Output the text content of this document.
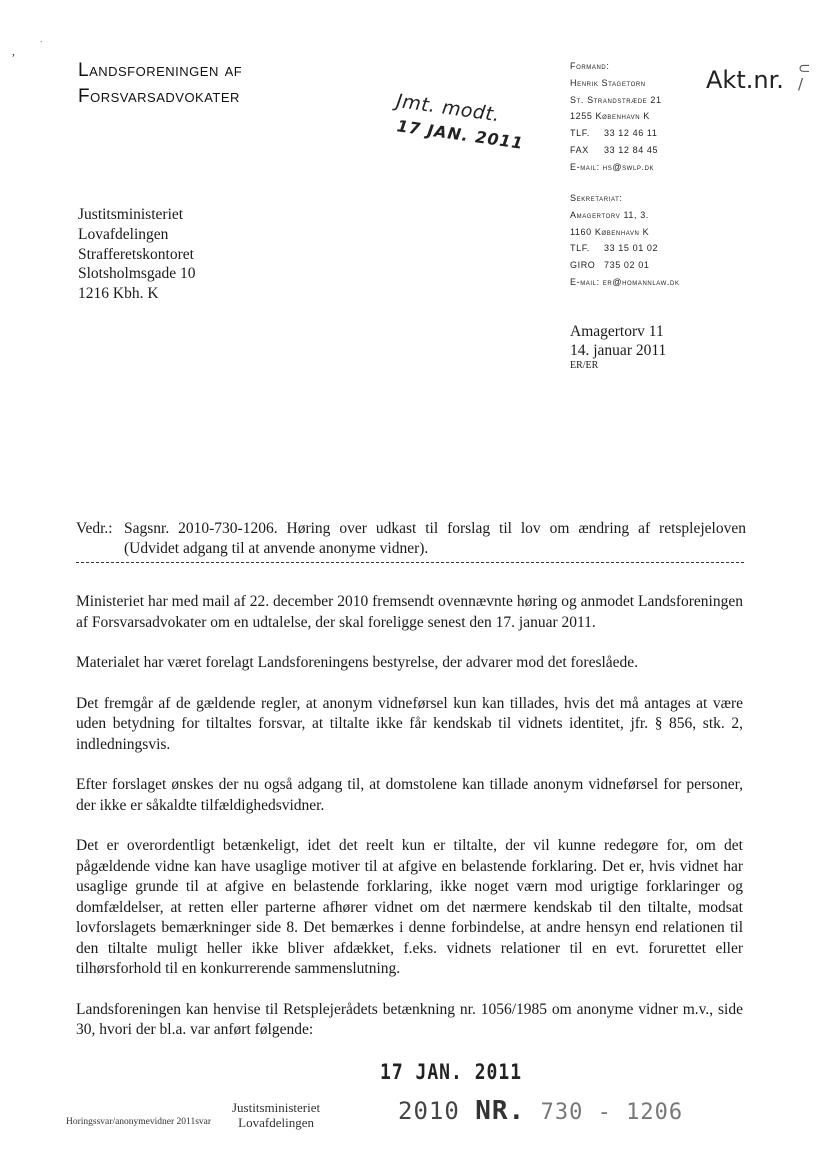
Landsforeningen af
Forsvarsadvokater	Jmt. modt.
17 JAN. 2011
Akt.nr. ⊂
/
,	`
Formand:
Henrik Stagetorn
St. Strandstræde 21
1255 København K
TLF. 33 12 46 11
FAX 33 12 84 45
E-mail: hs@swlp.dk
Sekretariat:
Amagertorv 11, 3.
1160 København K
TLF. 33 15 01 02
GIRO 735 02 01
E-mail: er@homannlaw.dk
Justitsministeriet
Lovafdelingen
Strafferetskontoret
Slotsholmsgade 10
1216 Kbh. K
Amagertorv 11
14. januar 2011
ER/ER
Vedr.: Sagsnr. 2010-730-1206. Høring over udkast til forslag til lov om ændring af retsplejeloven
(Udvidet adgang til at anvende anonyme vidner).

Ministeriet har med mail af 22. december 2010 fremsendt ovennævnte høring og anmodet Landsforeningen af Forsvarsadvokater om en udtalelse, der skal foreligge senest den 17. januar 2011.

Materialet har været forelagt Landsforeningens bestyrelse, der advarer mod det foreslåede.

Det fremgår af de gældende regler, at anonym vidneførsel kun kan tillades, hvis det må antages at være uden betydning for tiltaltes forsvar, at tiltalte ikke får kendskab til vidnets identitet, jfr. § 856, stk. 2, indledningsvis.

Efter forslaget ønskes der nu også adgang til, at domstolene kan tillade anonym vidneførsel for personer, der ikke er såkaldte tilfældighedsvidner.

Det er overordentligt betænkeligt, idet det reelt kun er tiltalte, der vil kunne redegøre for, om det pågældende vidne kan have usaglige motiver til at afgive en belastende forklaring. Det er, hvis vidnet har usaglige grunde til at afgive en belastende forklaring, ikke noget værn mod urigtige forklaringer og domfældelser, at retten eller parterne afhører vidnet om det nærmere kendskab til den tiltalte, modsat lovforslagets bemærkninger side 8. Det bemærkes i denne forbindelse, at andre hensyn end relationen til den tiltalte muligt heller ikke bliver afdækket, f.eks. vidnets relationer til en evt. forurettet eller tilhørsforhold til en konkurrerende sammenslutning.

Landsforeningen kan henvise til Retsplejerådets betænkning nr. 1056/1985 om anonyme vidner m.v., side 30, hvori der bl.a. var anført følgende:

17 JAN. 2011
Horingssvar/anonymevidner 2011svar
Justitsministeriet
Lovafdelingen	2010 NR. 730 - 1206
